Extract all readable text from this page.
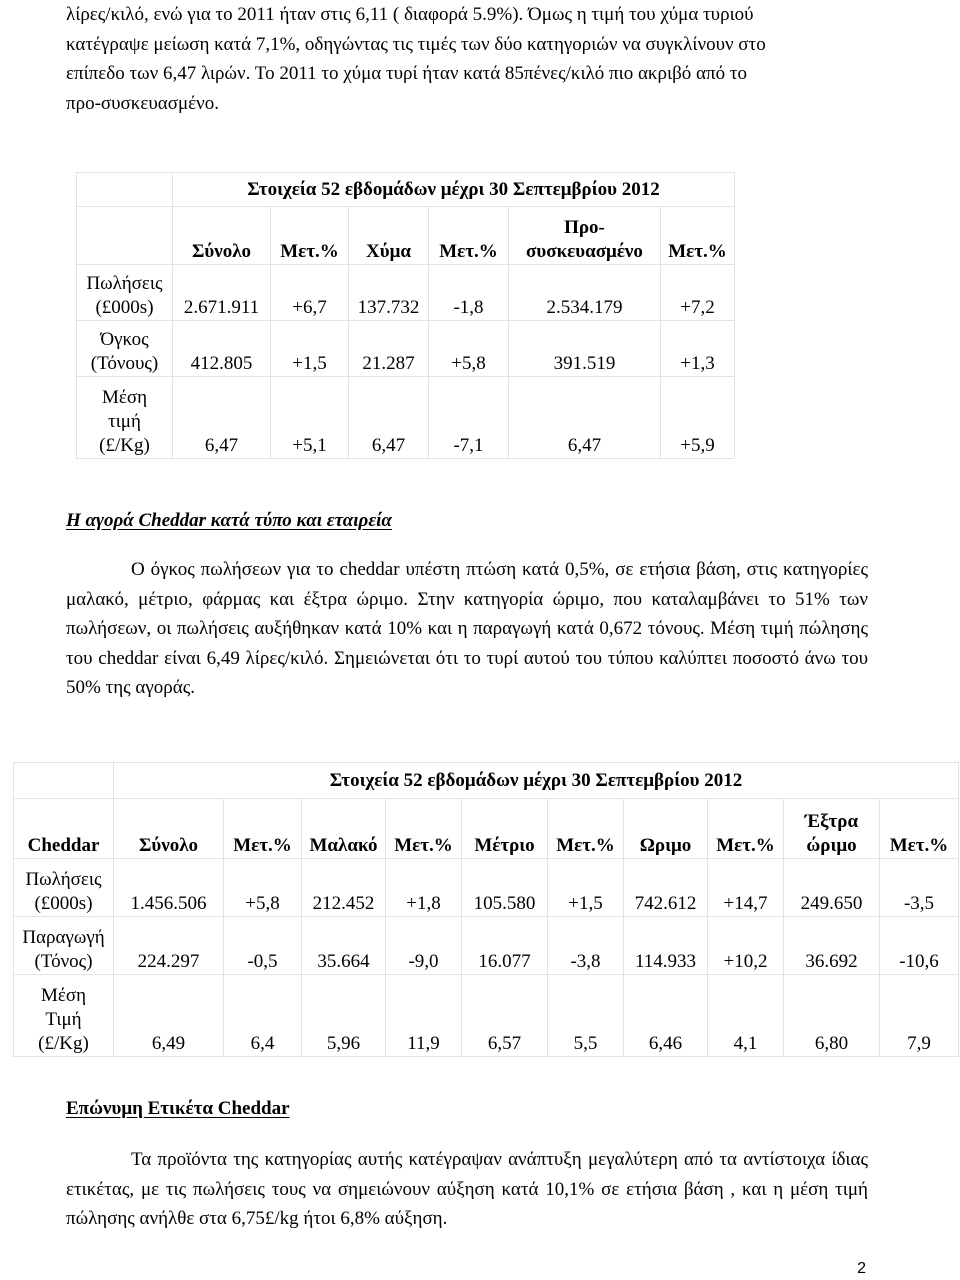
λίρες/κιλό, ενώ για το 2011 ήταν στις 6,11 ( διαφορά 5.9%). Όμως η τιμή του χύμα τυριού
κατέγραψε μείωση κατά 7,1%, οδηγώντας τις τιμές των δύο κατηγοριών να συγκλίνουν στο
επίπεδο των 6,47 λιρών. Το 2011 το χύμα τυρί ήταν κατά 85πένες/κιλό πιο ακριβό από το
προ-συσκευασμένο.
	Στοιχεία 52 εβδομάδων μέχρι 30 Σεπτεμβρίου 2012					
	Σύνολο	Μετ.%	Χύμα	Μετ.%	Προ-συσκευασμένο	Μετ.%

Πωλήσεις
(£000s)	2.671.911	+6,7	137.732	-1,8	2.534.179	+7,2

Όγκος
(Τόνους)	412.805	+1,5	21.287	+5,8	391.519	+1,3

Μέση
τιμή
(£/Kg)	6,47	+5,1	6,47	-7,1	6,47	+5,9
Η αγορά Cheddar κατά τύπο και εταιρεία

Ο όγκος πωλήσεων για το cheddar υπέστη πτώση κατά 0,5%, σε ετήσια βάση, στις κατηγορίες μαλακό, μέτριο, φάρμας και έξτρα ώριμο. Στην κατηγορία ώριμο, που καταλαμβάνει το 51% των πωλήσεων, οι πωλήσεις αυξήθηκαν κατά 10% και η παραγωγή κατά 0,672 τόνους. Μέση τιμή πώλησης του cheddar είναι 6,49 λίρες/κιλό. Σημειώνεται ότι το τυρί αυτού του τύπου καλύπτει ποσοστό άνω του 50% της αγοράς.

	Στοιχεία 52 εβδομάδων μέχρι 30 Σεπτεμβρίου 2012									
Cheddar	Σύνολο	Μετ.%	Μαλακό	Μετ.%	Μέτριο	Μετ.%	Ωριμο	Μετ.%	Έξτρα ώριμο	Μετ.%

Πωλήσεις
(£000s)	1.456.506	+5,8	212.452	+1,8	105.580	+1,5	742.612	+14,7	249.650	-3,5

Παραγωγή
(Τόνος)	224.297	-0,5	35.664	-9,0	16.077	-3,8	114.933	+10,2	36.692	-10,6

Μέση
Τιμή
(£/Kg)	6,49	6,4	5,96	11,9	6,57	5,5	6,46	4,1	6,80	7,9
Επώνυμη Ετικέτα Cheddar

Τα προϊόντα της κατηγορίας αυτής κατέγραψαν ανάπτυξη μεγαλύτερη από τα αντίστοιχα ίδιας ετικέτας, με τις πωλήσεις τους να σημειώνουν αύξηση κατά 10,1% σε ετήσια βάση , και η μέση τιμή πώλησης ανήλθε στα 6,75£/kg ήτοι 6,8% αύξηση.

2
